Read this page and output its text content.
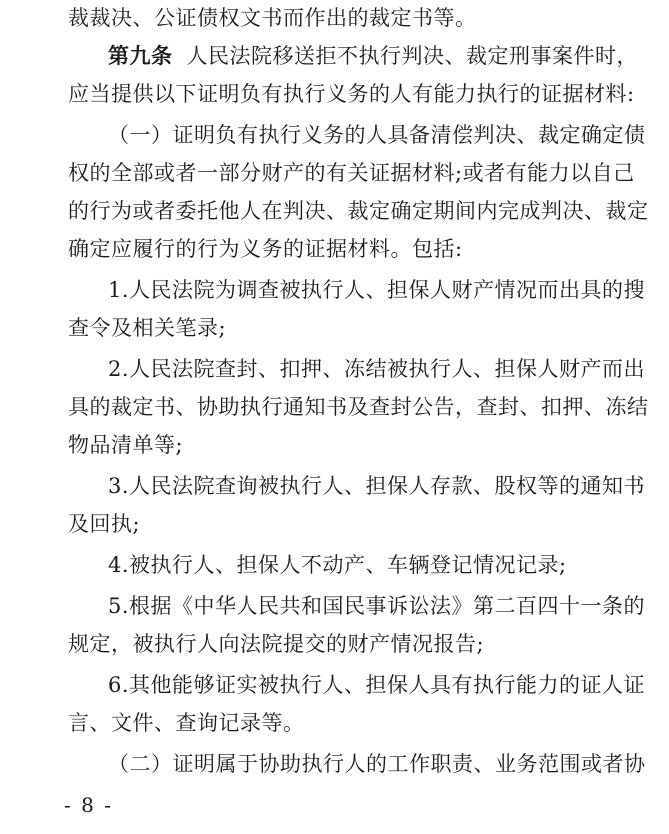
裁裁决、公证债权文书而作出的裁定书等。
第九条 人民法院移送拒不执行判决、裁定刑事案件时，
应当提供以下证明负有执行义务的人有能力执行的证据材料:
（一）证明负有执行义务的人具备清偿判决、裁定确定债
权的全部或者一部分财产的有关证据材料;或者有能力以自己
的行为或者委托他人在判决、裁定确定期间内完成判决、裁定
确定应履行的行为义务的证据材料。包括:
1.人民法院为调查被执行人、担保人财产情况而出具的搜
查令及相关笔录;
2.人民法院查封、扣押、冻结被执行人、担保人财产而出
具的裁定书、协助执行通知书及查封公告，查封、扣押、冻结
物品清单等;
3.人民法院查询被执行人、担保人存款、股权等的通知书
及回执;
4.被执行人、担保人不动产、车辆登记情况记录;
5.根据《中华人民共和国民事诉讼法》第二百四十一条的
规定，被执行人向法院提交的财产情况报告;
6.其他能够证实被执行人、担保人具有执行能力的证人证
言、文件、查询记录等。
（二）证明属于协助执行人的工作职责、业务范围或者协
- 8 -
